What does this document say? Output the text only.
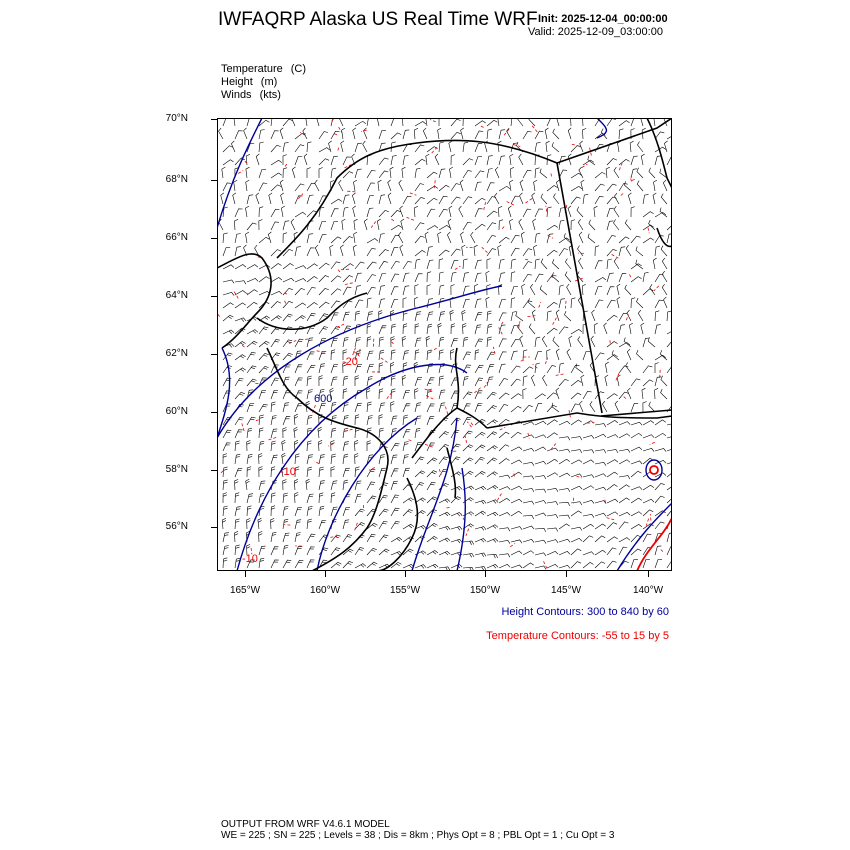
IWFAQRP Alaska US Real Time WRF Init: 2025-12-04_00:00:00
Valid: 2025-12-09_03:00:00
Temperature (C)
Height (m)
Winds (kts)
600
-20
-10
-10
70°N
68°N
66°N
64°N
62°N
60°N
58°N
56°N
165°W	160°W	155°W	150°W	145°W	140°W
Height Contours: 300 to 840 by 60
Temperature Contours: -55 to 15 by 5
OUTPUT FROM WRF V4.6.1 MODEL
WE = 225 ; SN = 225 ; Levels = 38 ; Dis = 8km ; Phys Opt = 8 ; PBL Opt = 1 ; Cu Opt = 3
